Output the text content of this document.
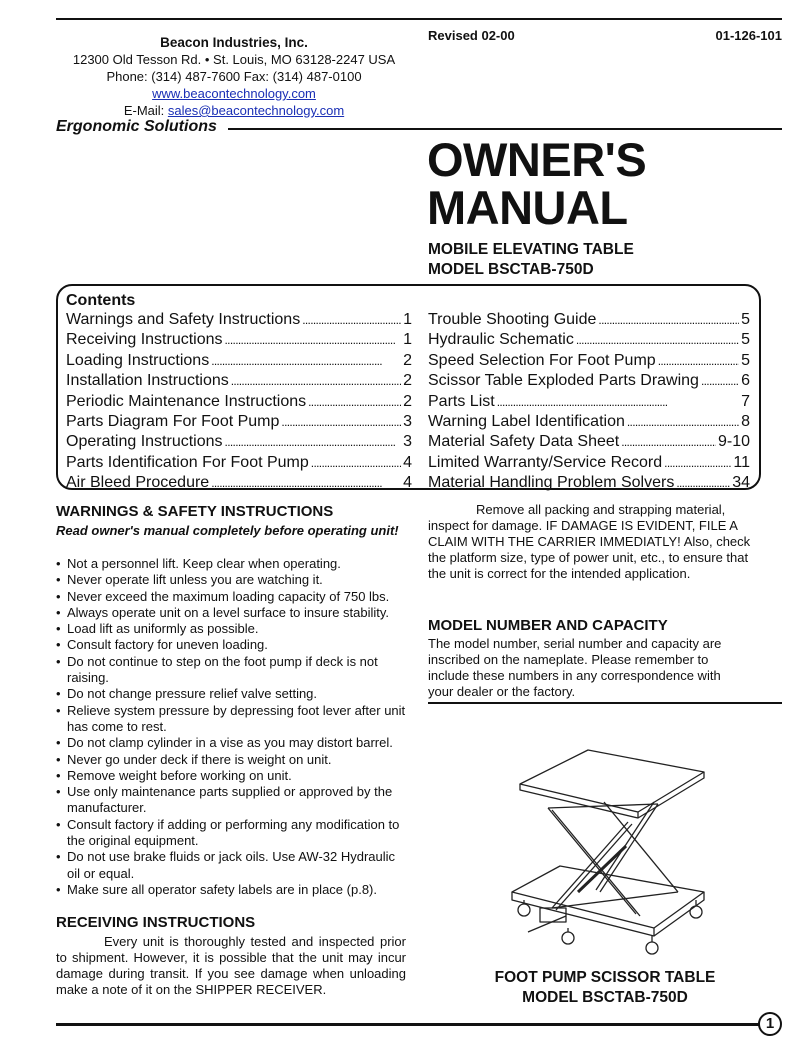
Beacon Industries, Inc.
12300 Old Tesson Rd. • St. Louis, MO 63128-2247 USA
Phone: (314) 487-7600 Fax: (314) 487-0100
www.beacontechnology.com
E-Mail: sales@beacontechnology.com
Revised 02-00	01-126-101
Ergonomic Solutions
OWNER'S
MANUAL
MOBILE ELEVATING TABLE
MODEL BSCTAB-750D
Contents
Warnings and Safety Instructions . . .	1
Receiving Instructions . . .	1
Loading Instructions . . .	2
Installation Instructions . . .	2
Periodic Maintenance Instructions . . .	2
Parts Diagram For Foot Pump . . .	3
Operating Instructions . . .	3
Parts Identification For Foot Pump . . .	4
Air Bleed Procedure . . .	4
Trouble Shooting Guide . . .	5
Hydraulic Schematic . . .	5
Speed Selection For Foot Pump . . .	5
Scissor Table Exploded Parts Drawing . . .	6
Parts List . . .	7
Warning Label Identification . . .	8
Material Safety Data Sheet . . .	9-10
Limited Warranty/Service Record . . .	11
Material Handling Problem Solvers . . .	34
WARNINGS & SAFETY INSTRUCTIONS
Read owner's manual completely before operating unit!
• Not a personnel lift. Keep clear when operating.
• Never operate lift unless you are watching it.
• Never exceed the maximum loading capacity of 750 lbs.
• Always operate unit on a level surface to insure stability.
• Load lift as uniformly as possible.
• Consult factory for uneven loading.
• Do not continue to step on the foot pump if deck is not raising.
• Do not change pressure relief valve setting.
• Relieve system pressure by depressing foot lever after unit has come to rest.
• Do not clamp cylinder in a vise as you may distort barrel.
• Never go under deck if there is weight on unit.
• Remove weight before working on unit.
• Use only maintenance parts supplied or approved by the manufacturer.
• Consult factory if adding or performing any modification to the original equipment.
• Do not use brake fluids or jack oils. Use AW-32 Hydraulic oil or equal.
• Make sure all operator safety labels are in place (p.8).
RECEIVING INSTRUCTIONS
Every unit is thoroughly tested and inspected prior to shipment. However, it is possible that the unit may incur damage during transit. If you see damage when unloading make a note of it on the SHIPPER RECEIVER.
Remove all packing and strapping material, inspect for damage. IF DAMAGE IS EVIDENT, FILE A CLAIM WITH THE CARRIER IMMEDIATLY! Also, check the platform size, type of power unit, etc., to ensure that the unit is correct for the intended application.
MODEL NUMBER AND CAPACITY
The model number, serial number and capacity are inscribed on the nameplate. Please remember to include these numbers in any correspondence with your dealer or the factory.
FOOT PUMP SCISSOR TABLE
MODEL BSCTAB-750D
1
